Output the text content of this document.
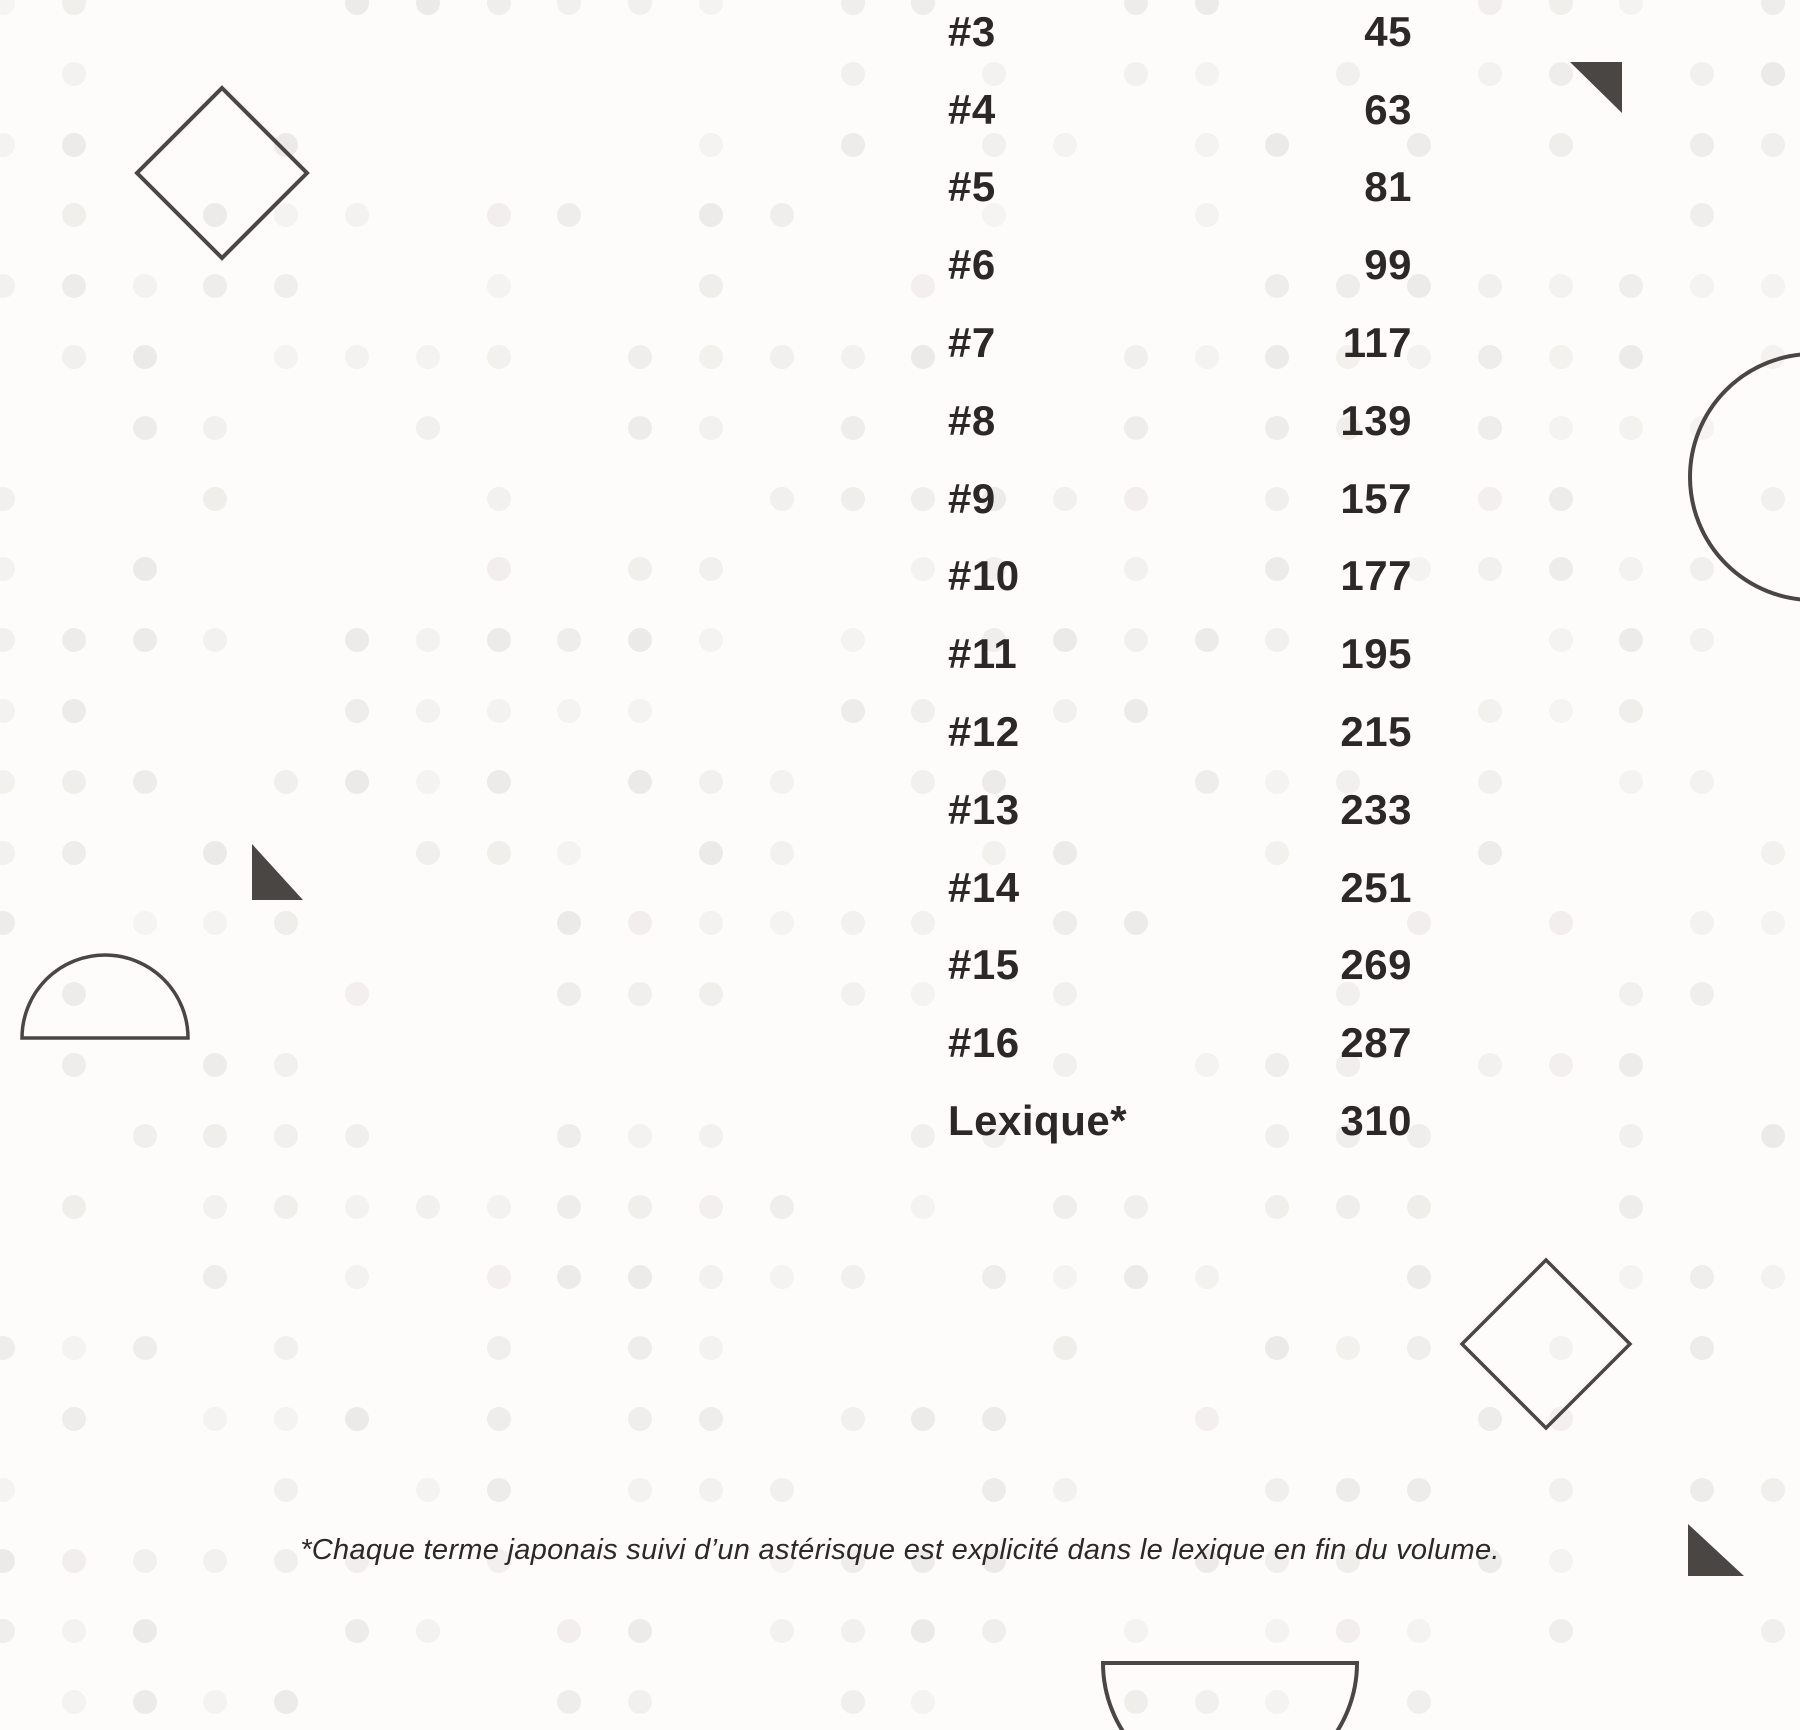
#3	45
#4	63
#5	81
#6	99
#7	117
#8	139
#9	157
#10	177
#11	195
#12	215
#13	233
#14	251
#15	269
#16	287
Lexique*	310
*Chaque terme japonais suivi d’un astérisque est explicité dans le lexique en fin du volume.
